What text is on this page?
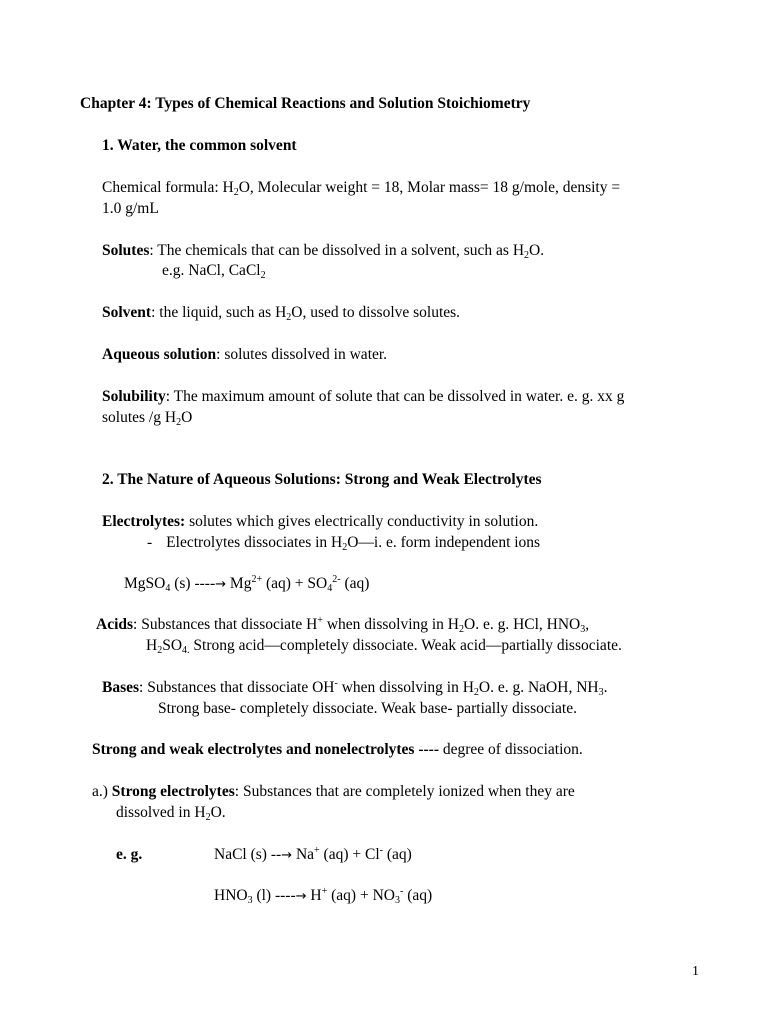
Chapter 4: Types of Chemical Reactions and Solution Stoichiometry
1. Water, the common solvent
Chemical formula: $H_2O$, Molecular weight = 18, Molar mass= 18 g/mole, density =
1.0 g/mL
Solutes: The chemicals that can be dissolved in a solvent, such as $H_2O$.
e.g. NaCl, CaCl$_2$
Solvent: the liquid, such as $H_2O$, used to dissolve solutes.
Aqueous solution: solutes dissolved in water.
Solubility: The maximum amount of solute that can be dissolved in water. e. g. xx g
solutes /g $H_2O$
2. The Nature of Aqueous Solutions: Strong and Weak Electrolytes
Electrolytes: solutes which gives electrically conductivity in solution.
- Electrolytes dissociates in $H_2O—i$. e. form independent ions
MgSO$_4$ (s) ----→ $Mg^{2+}$ $(aq) + SO_4^{2-}$ (aq)
Acids: Substances that dissociate H+ when dissolving in $H_2O$. e. g. HCl, $HNO_3$,
$H_2SO_{4.}$ Strong acid—completely dissociate. Weak acid—partially dissociate.
Bases: Substances that dissociate OH- when dissolving in $H_2O$. e. g. NaOH, $NH_3$.
Strong base- completely dissociate. Weak base- partially dissociate.
Strong and weak electrolytes and nonelectrolytes ---- degree of dissociation.
a.) Strong electrolytes: Substances that are completely ionized when they are
dissolved in $H_2O$.
e. g.	NaCl (s) --→ Na+ (aq) + Cl- (aq)
$HNO_3$ (l) ----→ H+ $(aq) + NO_3^-$ (aq)
1
